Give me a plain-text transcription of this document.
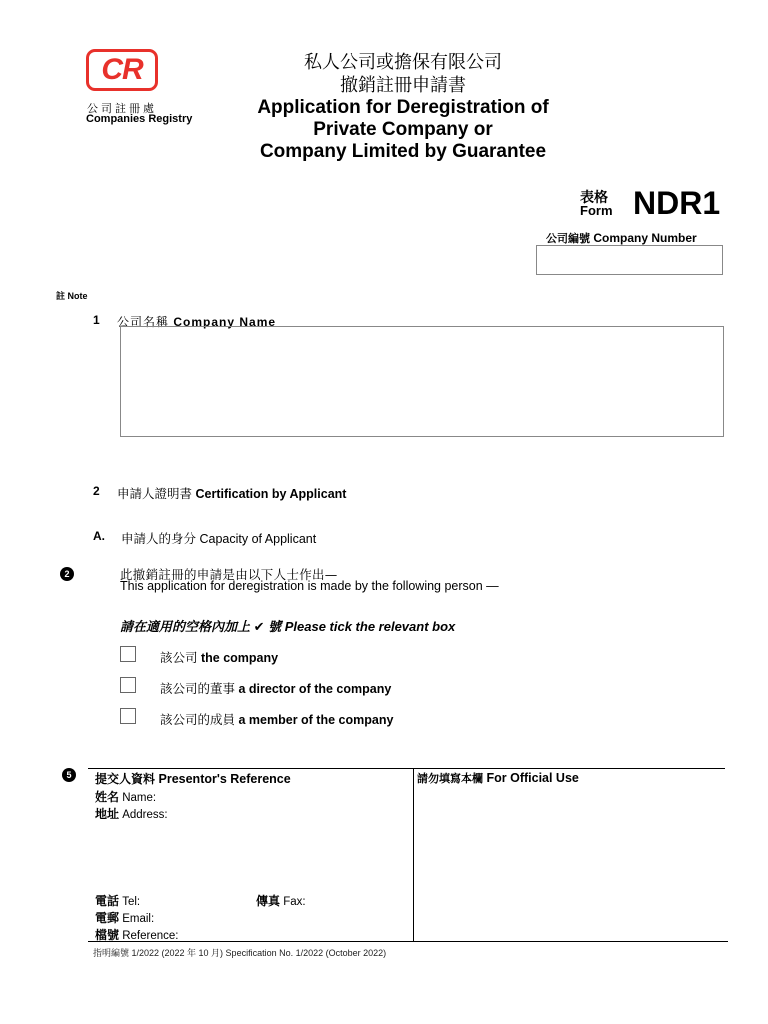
CR
公司註冊處
Companies Registry
私人公司或擔保有限公司
撤銷註冊申請書
Application for Deregistration of
Private Company or
Company Limited by Guarantee
表格
Form NDR1
公司編號 Company Number
註 Note
1 公司名稱 Company Name
2 申請人證明書 Certification by Applicant
A. 申請人的身分 Capacity of Applicant
2	此撤銷註冊的申請是由以下人士作出—
This application for deregistration is made by the following person —
請在適用的空格內加上 ✔ 號 Please tick the relevant box
該公司 the company
該公司的董事 a director of the company
該公司的成員 a member of the company
5	提交人資料 Presentor's Reference	請勿填寫本欄 For Official Use
姓名 Name:
地址 Address:
電話 Tel:	傳真 Fax:
電郵 Email:
檔號 Reference:
指明編號 1/2022 (2022 年 10 月) Specification No. 1/2022 (October 2022)
